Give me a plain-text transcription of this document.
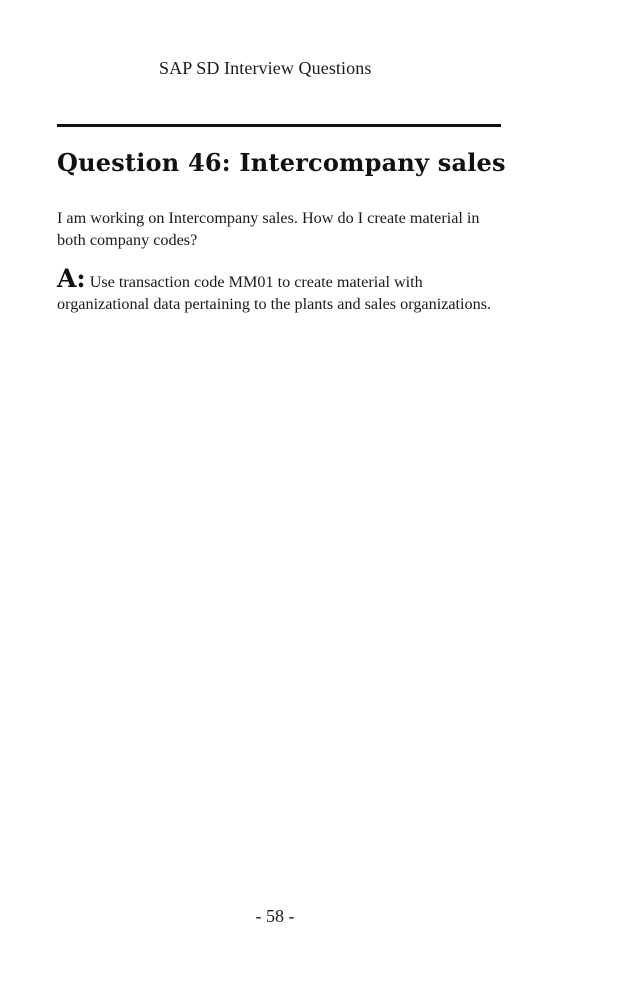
SAP SD Interview Questions
Question 46: Intercompany sales

I am working on Intercompany sales. How do I create material in both company codes?

A: Use transaction code MM01 to create material with organizational data pertaining to the plants and sales organizations.

- 58 -
